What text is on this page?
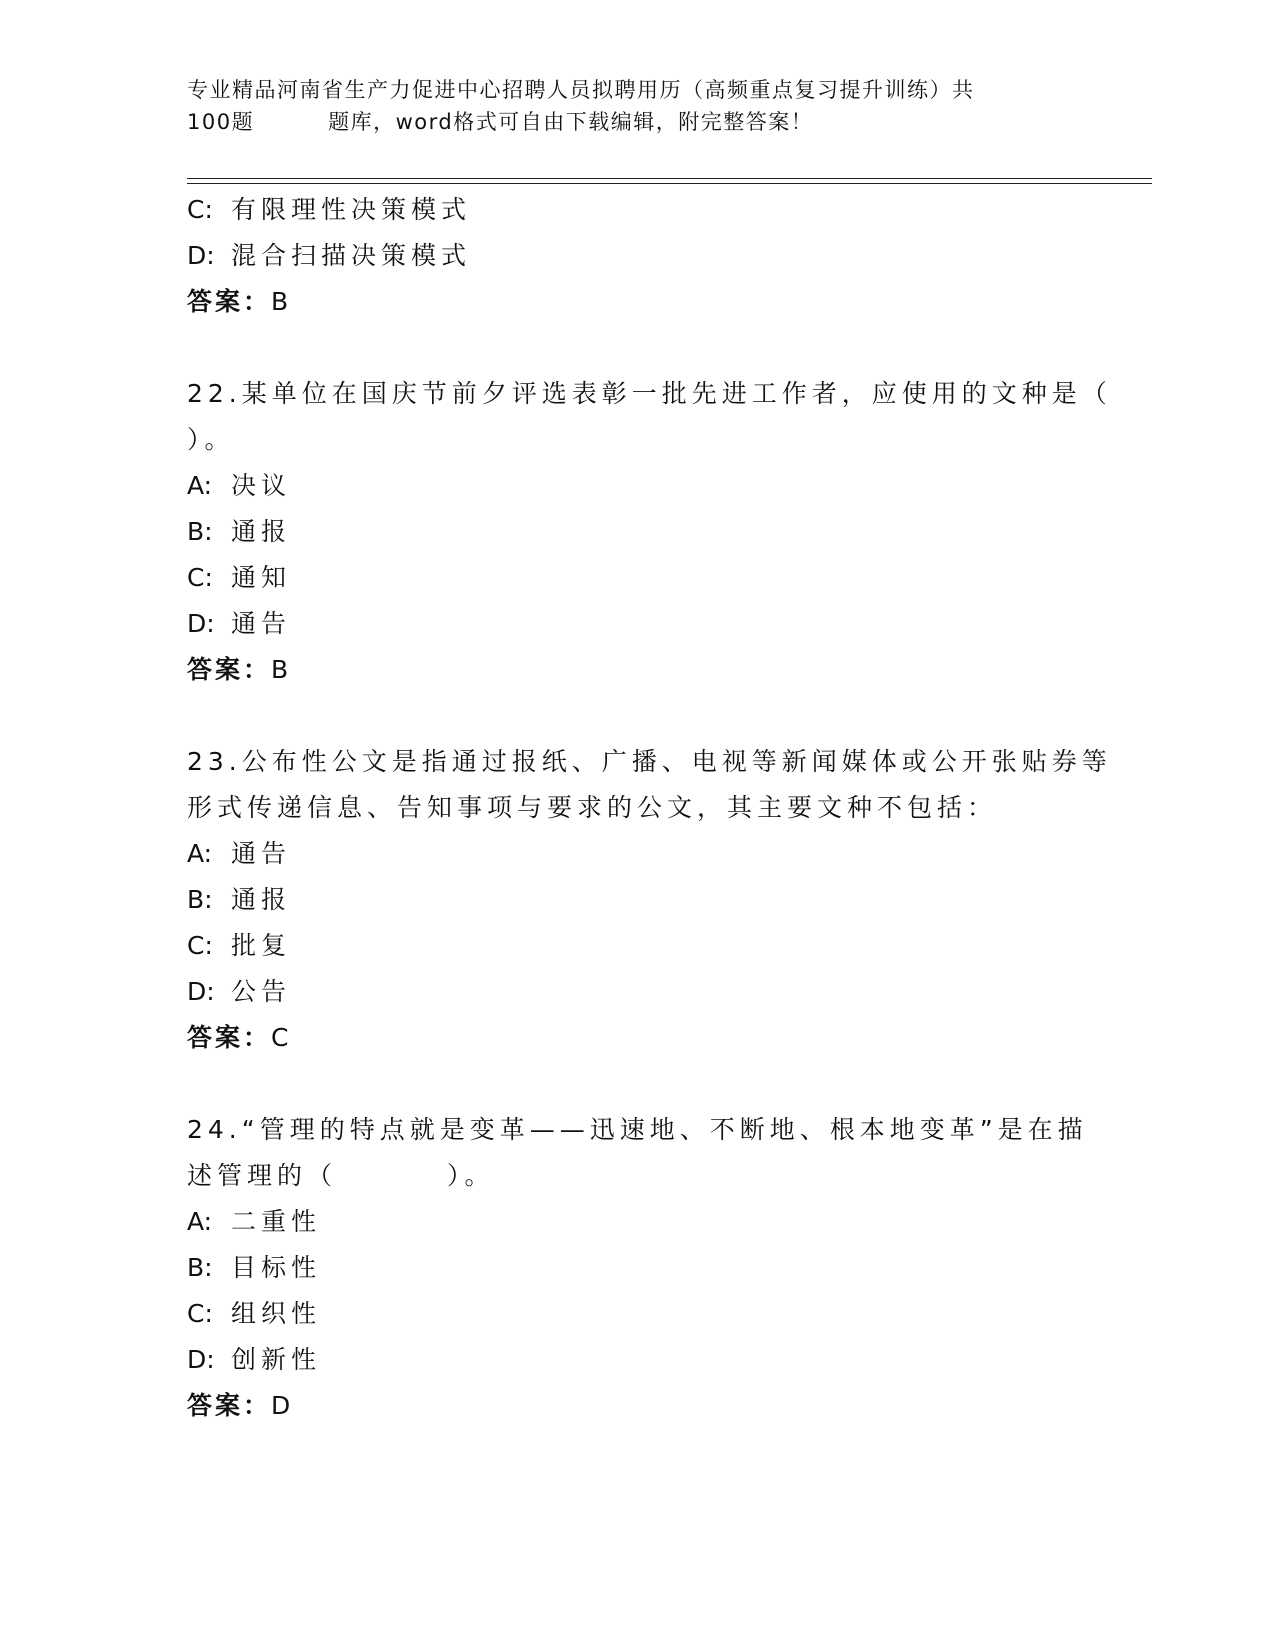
专业精品河南省生产力促进中心招聘人员拟聘用历（高频重点复习提升训练）共
100题	题库，word格式可自由下载编辑，附完整答案！
C: 有限理性决策模式
D: 混合扫描决策模式
答案：B
22.某单位在国庆节前夕评选表彰一批先进工作者，应使用的文种是（
）。
A: 决议
B: 通报
C: 通知
D: 通告
答案：B
23.公布性公文是指通过报纸、广播、电视等新闻媒体或公开张贴券等
形式传递信息、告知事项与要求的公文，其主要文种不包括：
A: 通告
B: 通报
C: 批复
D: 公告
答案：C
24.“管理的特点就是变革——迅速地、不断地、根本地变革”是在描
述管理的（	）。
A: 二重性
B: 目标性
C: 组织性
D: 创新性
答案：D
